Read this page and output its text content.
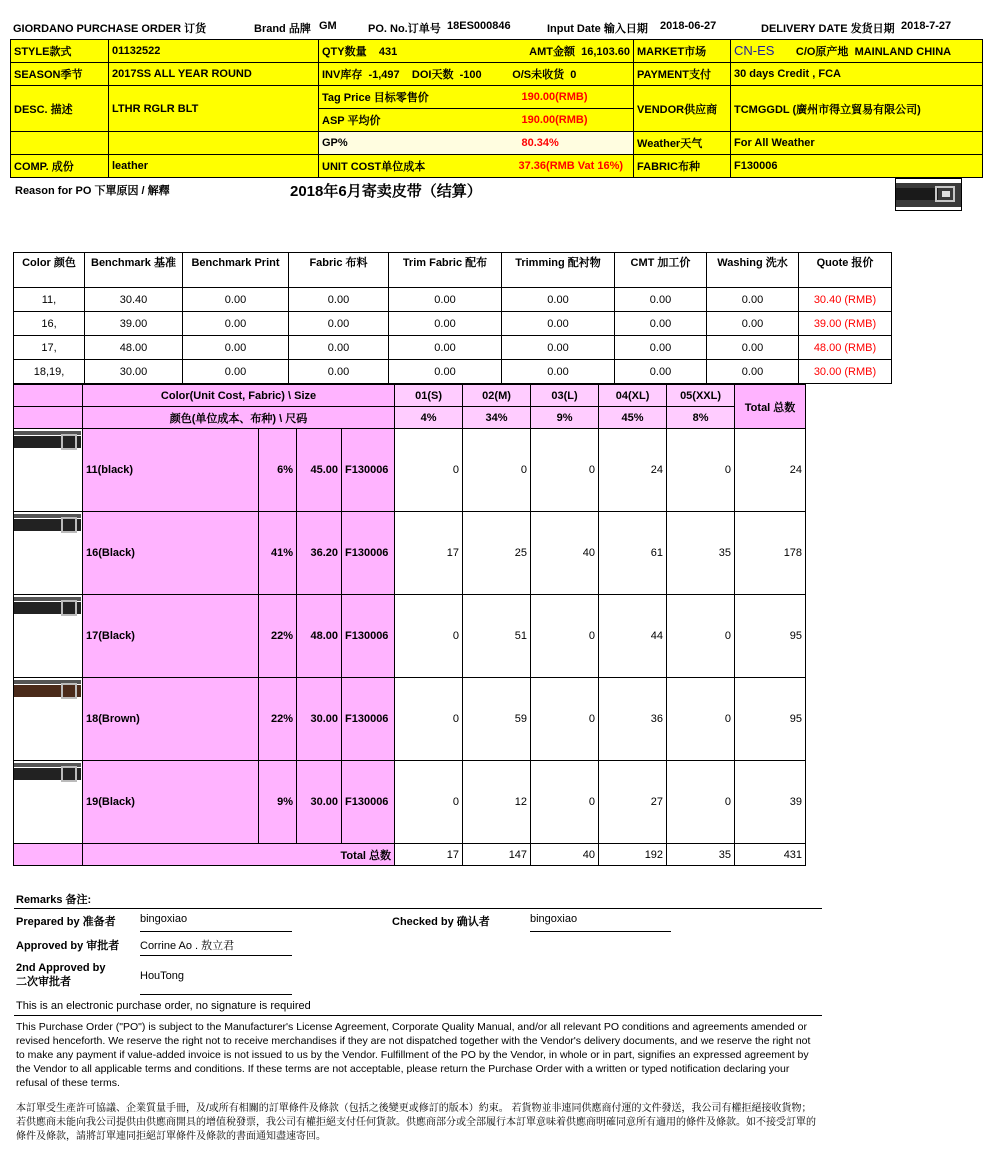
GIORDANO PURCHASE ORDER 订货	Brand 品牌 GM	PO. No.订单号 18ES000846	Input Date 输入日期 2018-06-27	DELIVERY DATE 发货日期 2018-7-27
STYLE款式	01132522	QTY数量 431	AMT金额 16,103.60		MARKET市场	CN-ES C/O原产地 MAINLAND CHINA
SEASON季节	2017SS ALL YEAR ROUND	INV库存 -1,497 DOI天数 -100 O/S未收货 0			PAYMENT支付	30 days Credit , FCA
DESC. 描述	LTHR RGLR BLT	Tag Price 目标零售价		190.00(RMB)	VENDOR供应商	TCMGGDL (廣州市得立貿易有限公司)
		ASP 平均价		190.00(RMB)		
		GP%		80.34%	Weather天气	For All Weather
COMP. 成份	leather	UNIT COST单位成本		37.36(RMB Vat 16%)	FABRIC布种	F130006
Reason for PO 下單原因 / 解釋	2018年6月寄卖皮带（结算）
Color 颜色	Benchmark 基准	Benchmark Print	Fabric 布料	Trim Fabric 配布	Trimming 配衬物	CMT 加工价	Washing 洗水	Quote 报价
11,	30.40	0.00	0.00	0.00	0.00	0.00	0.00	30.40 (RMB)
16,	39.00	0.00	0.00	0.00	0.00	0.00	0.00	39.00 (RMB)
17,	48.00	0.00	0.00	0.00	0.00	0.00	0.00	48.00 (RMB)
18,19,	30.00	0.00	0.00	0.00	0.00	0.00	0.00	30.00 (RMB)
	Color(Unit Cost, Fabric) \ Size				01(S)	02(M)	03(L)	04(XL)	05(XXL)	Total 总数
	颜色(单位成本、布种) \ 尺码				4%	34%	9%	45%	8%	
	11(black)	6%	45.00	F130006	0	0	0	24	0	24
	16(Black)	41%	36.20	F130006	17	25	40	61	35	178
	17(Black)	22%	48.00	F130006	0	51	0	44	0	95
	18(Brown)	22%	30.00	F130006	0	59	0	36	0	95
	19(Black)	9%	30.00	F130006	0	12	0	27	0	39
	Total 总数				17	147	40	192	35	431
Remarks 备注:
Prepared by 准备者 bingoxiao	Checked by 确认者	bingoxiao
Approved by 审批者 Corrine Ao . 敖立君
2nd Approved by
二次审批者	HouTong
This is an electronic purchase order, no signature is required
This Purchase Order ("PO") is subject to the Manufacturer's License Agreement, Corporate Quality Manual, and/or all relevant PO conditions and agreements amended or revised henceforth. We reserve the right not to receive merchandises if they are not dispatched together with the Vendor's delivery documents, and we reserve the right not to make any payment if value-added invoice is not issued to us by the Vendor. Fulfillment of the PO by the Vendor, in whole or in part, signifies an expressed agreement by the Vendor to all applicable terms and conditions. If these terms are not acceptable, please return the Purchase Order with a written or typed notification declaring your refusal of these terms.
本訂單受生產許可協議、企業質量手冊，及/或所有相關的訂單條件及條款（包括之後變更或修訂的版本）約束。 若貨物並非連同供應商付運的文件發送，我公司有權拒絕接收貨物；若供應商未能向我公司提供由供應商開具的增值稅發票，我公司有權拒絕支付任何貨款。供應商部分或全部履行本訂單意味着供應商明確同意所有適用的條件及條款。如不接受訂單的條件及條款，請將訂單連同拒絕訂單條件及條款的書面通知盡速寄回。
